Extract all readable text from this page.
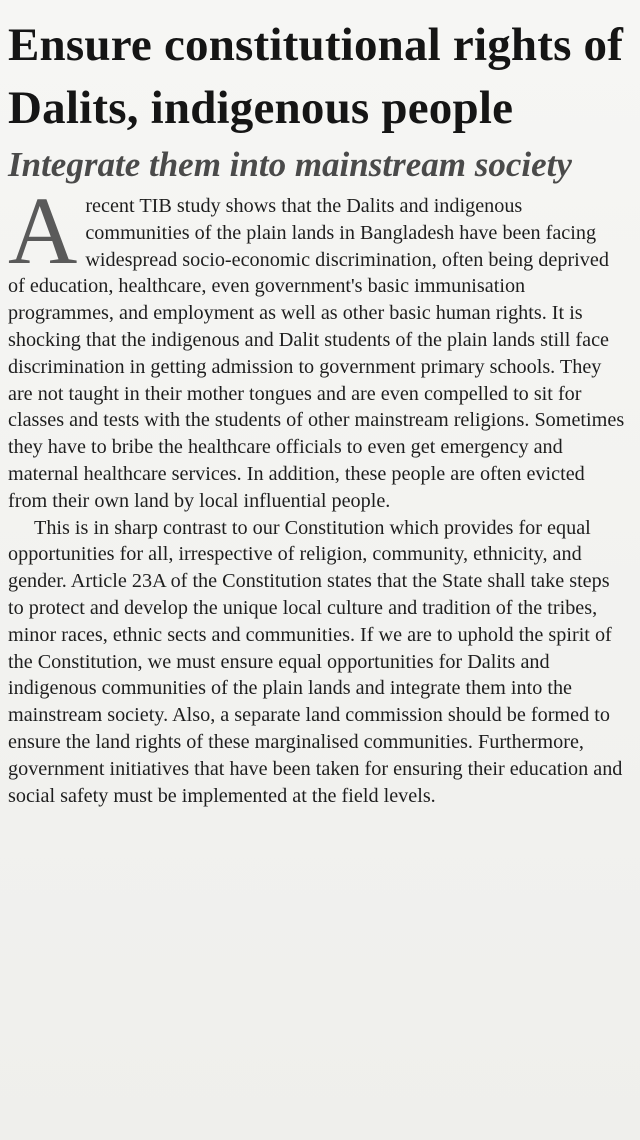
Ensure constitutional rights of Dalits, indigenous people
Integrate them into mainstream society

A recent TIB study shows that the Dalits and indigenous communities of the plain lands in Bangladesh have been facing widespread socio-economic discrimination, often being deprived of education, healthcare, even government's basic immunisation programmes, and employment as well as other basic human rights. It is shocking that the indigenous and Dalit students of the plain lands still face discrimination in getting admission to government primary schools. They are not taught in their mother tongues and are even compelled to sit for classes and tests with the students of other mainstream religions. Sometimes they have to bribe the healthcare officials to even get emergency and maternal healthcare services. In addition, these people are often evicted from their own land by local influential people.

This is in sharp contrast to our Constitution which provides for equal opportunities for all, irrespective of religion, community, ethnicity, and gender. Article 23A of the Constitution states that the State shall take steps to protect and develop the unique local culture and tradition of the tribes, minor races, ethnic sects and communities. If we are to uphold the spirit of the Constitution, we must ensure equal opportunities for Dalits and indigenous communities of the plain lands and integrate them into the mainstream society. Also, a separate land commission should be formed to ensure the land rights of these marginalised communities. Furthermore, government initiatives that have been taken for ensuring their education and social safety must be implemented at the field levels.
